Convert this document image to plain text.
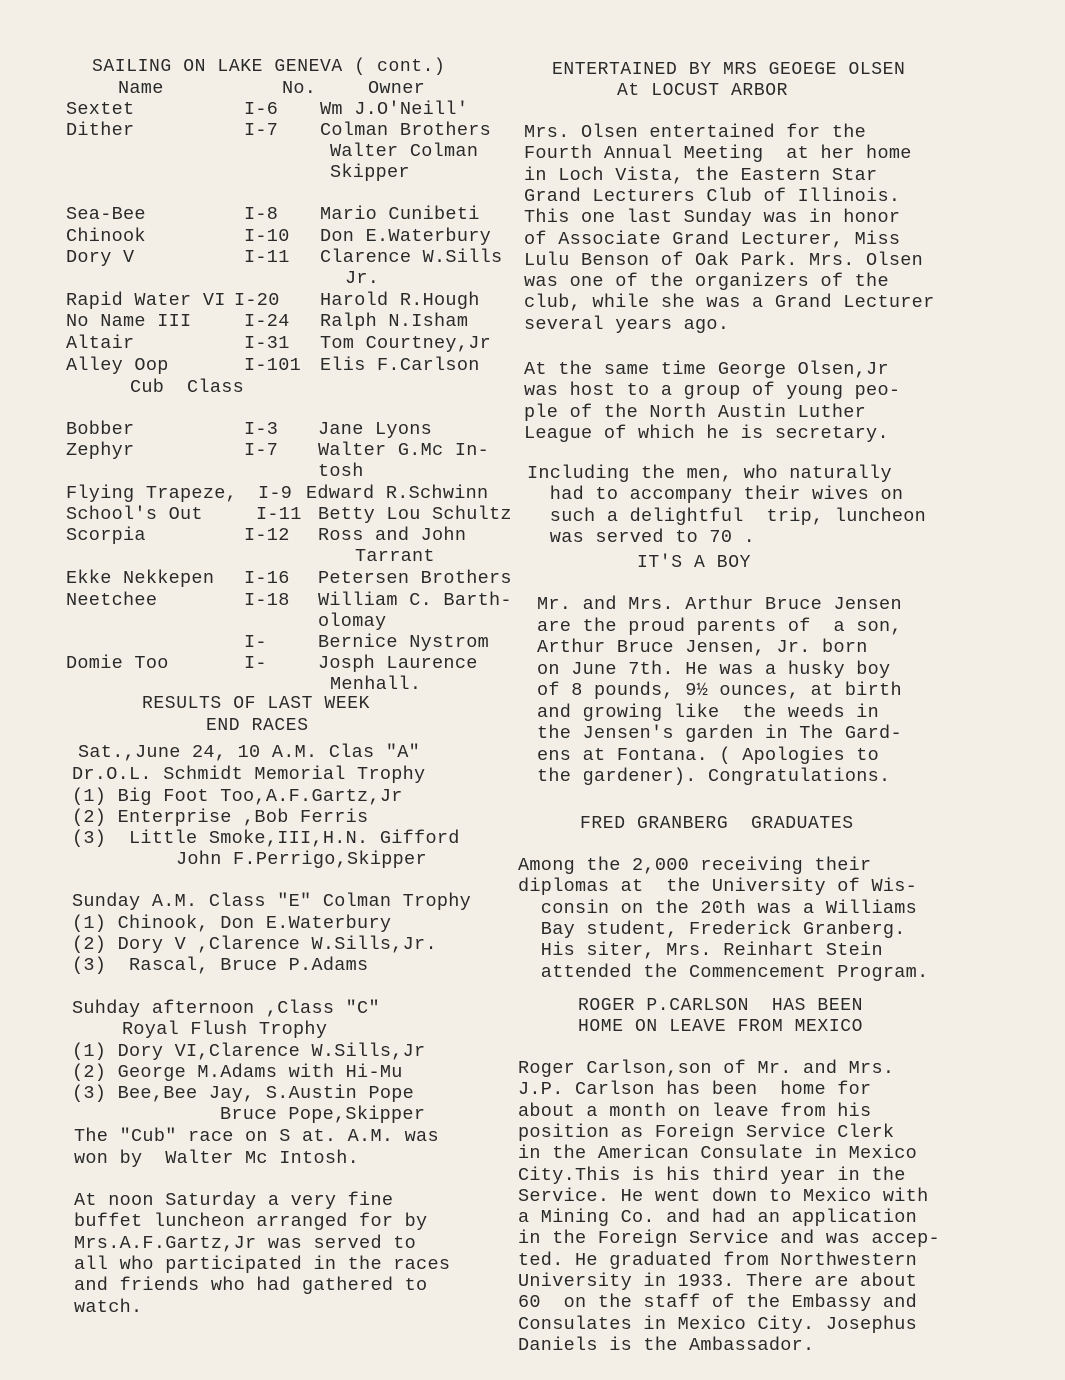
SAILING ON LAKE GENEVA ( cont.)
Name	No.	Owner
Sextet	I-6 Wm J.O'Neill'
Dither	I-7 Colman Brothers
Walter Colman
Skipper
Sea-Bee	I-8 Mario Cunibeti
Chinook	I-10 Don E.Waterbury
Dory V	I-11 Clarence W.Sills
Jr.
Rapid Water VI I-20 Harold R.Hough
No Name III	I-24 Ralph N.Isham
Altair	I-31 Tom Courtney,Jr
Alley Oop	I-101 Elis F.Carlson
Cub  Class
Bobber	I-3 Jane Lyons
Zephyr	I-7 Walter G.Mc In-
tosh
Flying Trapeze, I-9 Edward R.Schwinn
School's Out	I-11 Betty Lou Schultz
Scorpia	I-12 Ross and John
Tarrant
Ekke Nekkepen I-16 Petersen Brothers
Neetchee	I-18 William C. Barth-
olomay
I-	Bernice Nystrom
Domie Too	I-	Josph Laurence
Menhall.
RESULTS OF LAST WEEK
END RACES
Sat.,June 24, 10 A.M. Clas "A"
Dr.O.L. Schmidt Memorial Trophy
(1) Big Foot Too,A.F.Gartz,Jr
(2) Enterprise ,Bob Ferris
(3)  Little Smoke,III,H.N. Gifford
John F.Perrigo,Skipper
Sunday A.M. Class "E" Colman Trophy
(1) Chinook, Don E.Waterbury
(2) Dory V ,Clarence W.Sills,Jr.
(3)  Rascal, Bruce P.Adams
Suhday afternoon ,Class "C"
Royal Flush Trophy
(1) Dory VI,Clarence W.Sills,Jr
(2) George M.Adams with Hi-Mu
(3) Bee,Bee Jay, S.Austin Pope
Bruce Pope,Skipper
The "Cub" race on S at. A.M. was
won by  Walter Mc Intosh.
At noon Saturday a very fine
buffet luncheon arranged for by
Mrs.A.F.Gartz,Jr was served to
all who participated in the races
and friends who had gathered to
watch.
ENTERTAINED BY MRS GEOEGE OLSEN
At LOCUST ARBOR
Mrs. Olsen entertained for the
Fourth Annual Meeting  at her home
in Loch Vista, the Eastern Star
Grand Lecturers Club of Illinois.
This one last Sunday was in honor
of Associate Grand Lecturer, Miss
Lulu Benson of Oak Park. Mrs. Olsen
was one of the organizers of the
club, while she was a Grand Lecturer
several years ago.
At the same time George Olsen,Jr
was host to a group of young peo-
ple of the North Austin Luther
League of which he is secretary.
Including the men, who naturally
had to accompany their wives on
such a delightful  trip, luncheon
was served to 70 .
IT'S A BOY
Mr. and Mrs. Arthur Bruce Jensen
are the proud parents of  a son,
Arthur Bruce Jensen, Jr. born
on June 7th. He was a husky boy
of 8 pounds, 9½ ounces, at birth
and growing like  the weeds in
the Jensen's garden in The Gard-
ens at Fontana. ( Apologies to
the gardener). Congratulations.
FRED GRANBERG  GRADUATES
Among the 2,000 receiving their
diplomas at  the University of Wis-
consin on the 20th was a Williams
Bay student, Frederick Granberg.
His siter, Mrs. Reinhart Stein
attended the Commencement Program.
ROGER P.CARLSON  HAS BEEN
HOME ON LEAVE FROM MEXICO
Roger Carlson,son of Mr. and Mrs.
J.P. Carlson has been  home for
about a month on leave from his
position as Foreign Service Clerk
in the American Consulate in Mexico
City.This is his third year in the
Service. He went down to Mexico with
a Mining Co. and had an application
in the Foreign Service and was accep-
ted. He graduated from Northwestern
University in 1933. There are about
60  on the staff of the Embassy and
Consulates in Mexico City. Josephus
Daniels is the Ambassador.
